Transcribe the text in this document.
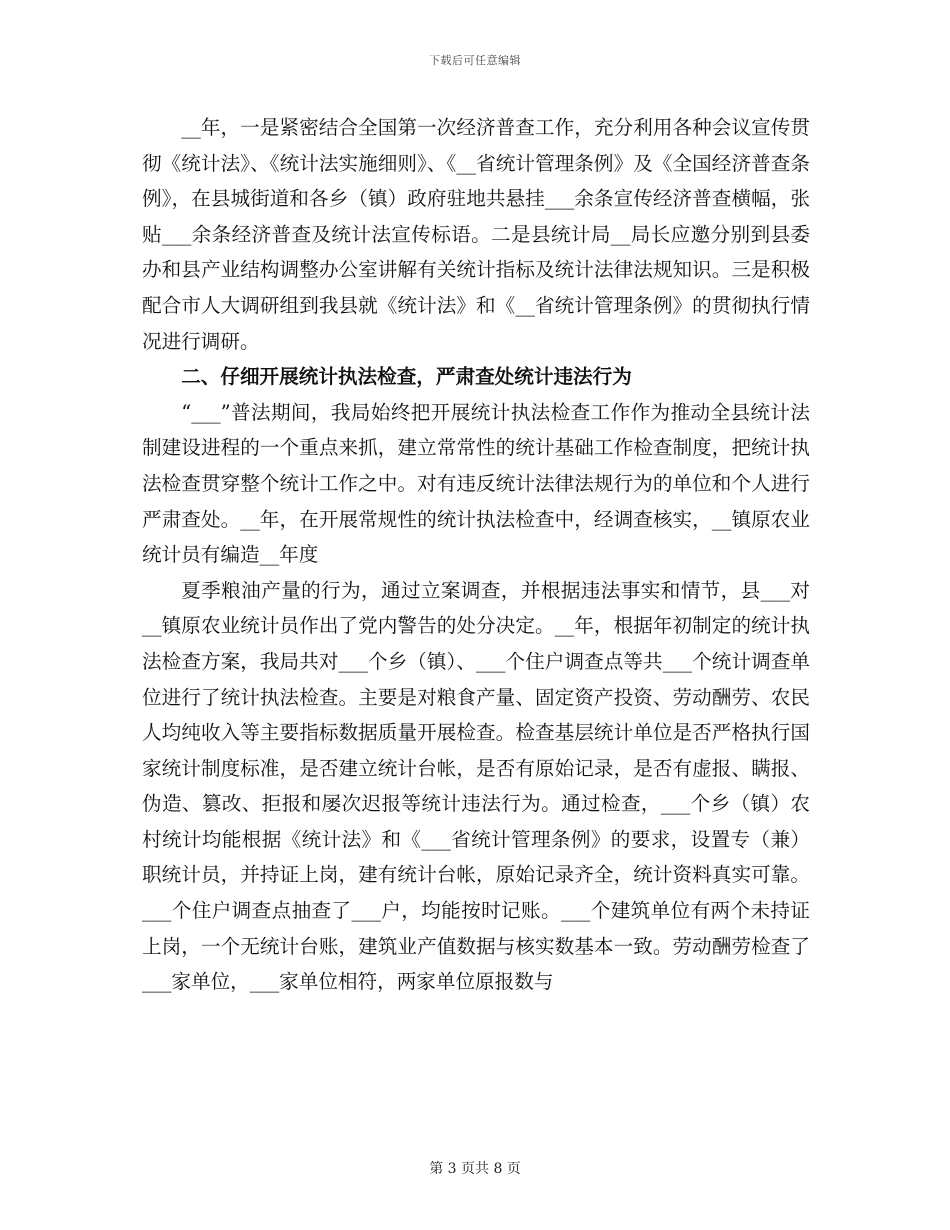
下载后可任意编辑

__年，一是紧密结合全国第一次经济普查工作，充分利用各种会议宣传贯彻《统计法》、《统计法实施细则》、《__省统计管理条例》及《全国经济普查条例》，在县城街道和各乡（镇）政府驻地共悬挂___余条宣传经济普查横幅，张贴___余条经济普查及统计法宣传标语。二是县统计局__局长应邀分别到县委办和县产业结构调整办公室讲解有关统计指标及统计法律法规知识。三是积极配合市人大调研组到我县就《统计法》和《__省统计管理条例》的贯彻执行情况进行调研。

二、仔细开展统计执法检查，严肃查处统计违法行为

“___”普法期间，我局始终把开展统计执法检查工作作为推动全县统计法制建设进程的一个重点来抓，建立常常性的统计基础工作检查制度，把统计执法检查贯穿整个统计工作之中。对有违反统计法律法规行为的单位和个人进行严肃查处。__年，在开展常规性的统计执法检查中，经调查核实，__镇原农业统计员有编造__年度

夏季粮油产量的行为，通过立案调查，并根据违法事实和情节，县___对__镇原农业统计员作出了党内警告的处分决定。__年，根据年初制定的统计执法检查方案，我局共对___个乡（镇）、___个住户调查点等共___个统计调查单位进行了统计执法检查。主要是对粮食产量、固定资产投资、劳动酬劳、农民人均纯收入等主要指标数据质量开展检查。检查基层统计单位是否严格执行国家统计制度标准，是否建立统计台帐，是否有原始记录，是否有虚报、瞒报、伪造、篡改、拒报和屡次迟报等统计违法行为。通过检查，___个乡（镇）农村统计均能根据《统计法》和《___省统计管理条例》的要求，设置专（兼）职统计员，并持证上岗，建有统计台帐，原始记录齐全，统计资料真实可靠。___个住户调查点抽查了___户，均能按时记账。___个建筑单位有两个未持证上岗，一个无统计台账，建筑业产值数据与核实数基本一致。劳动酬劳检查了___家单位，___家单位相符，两家单位原报数与

第 3 页共 8 页
